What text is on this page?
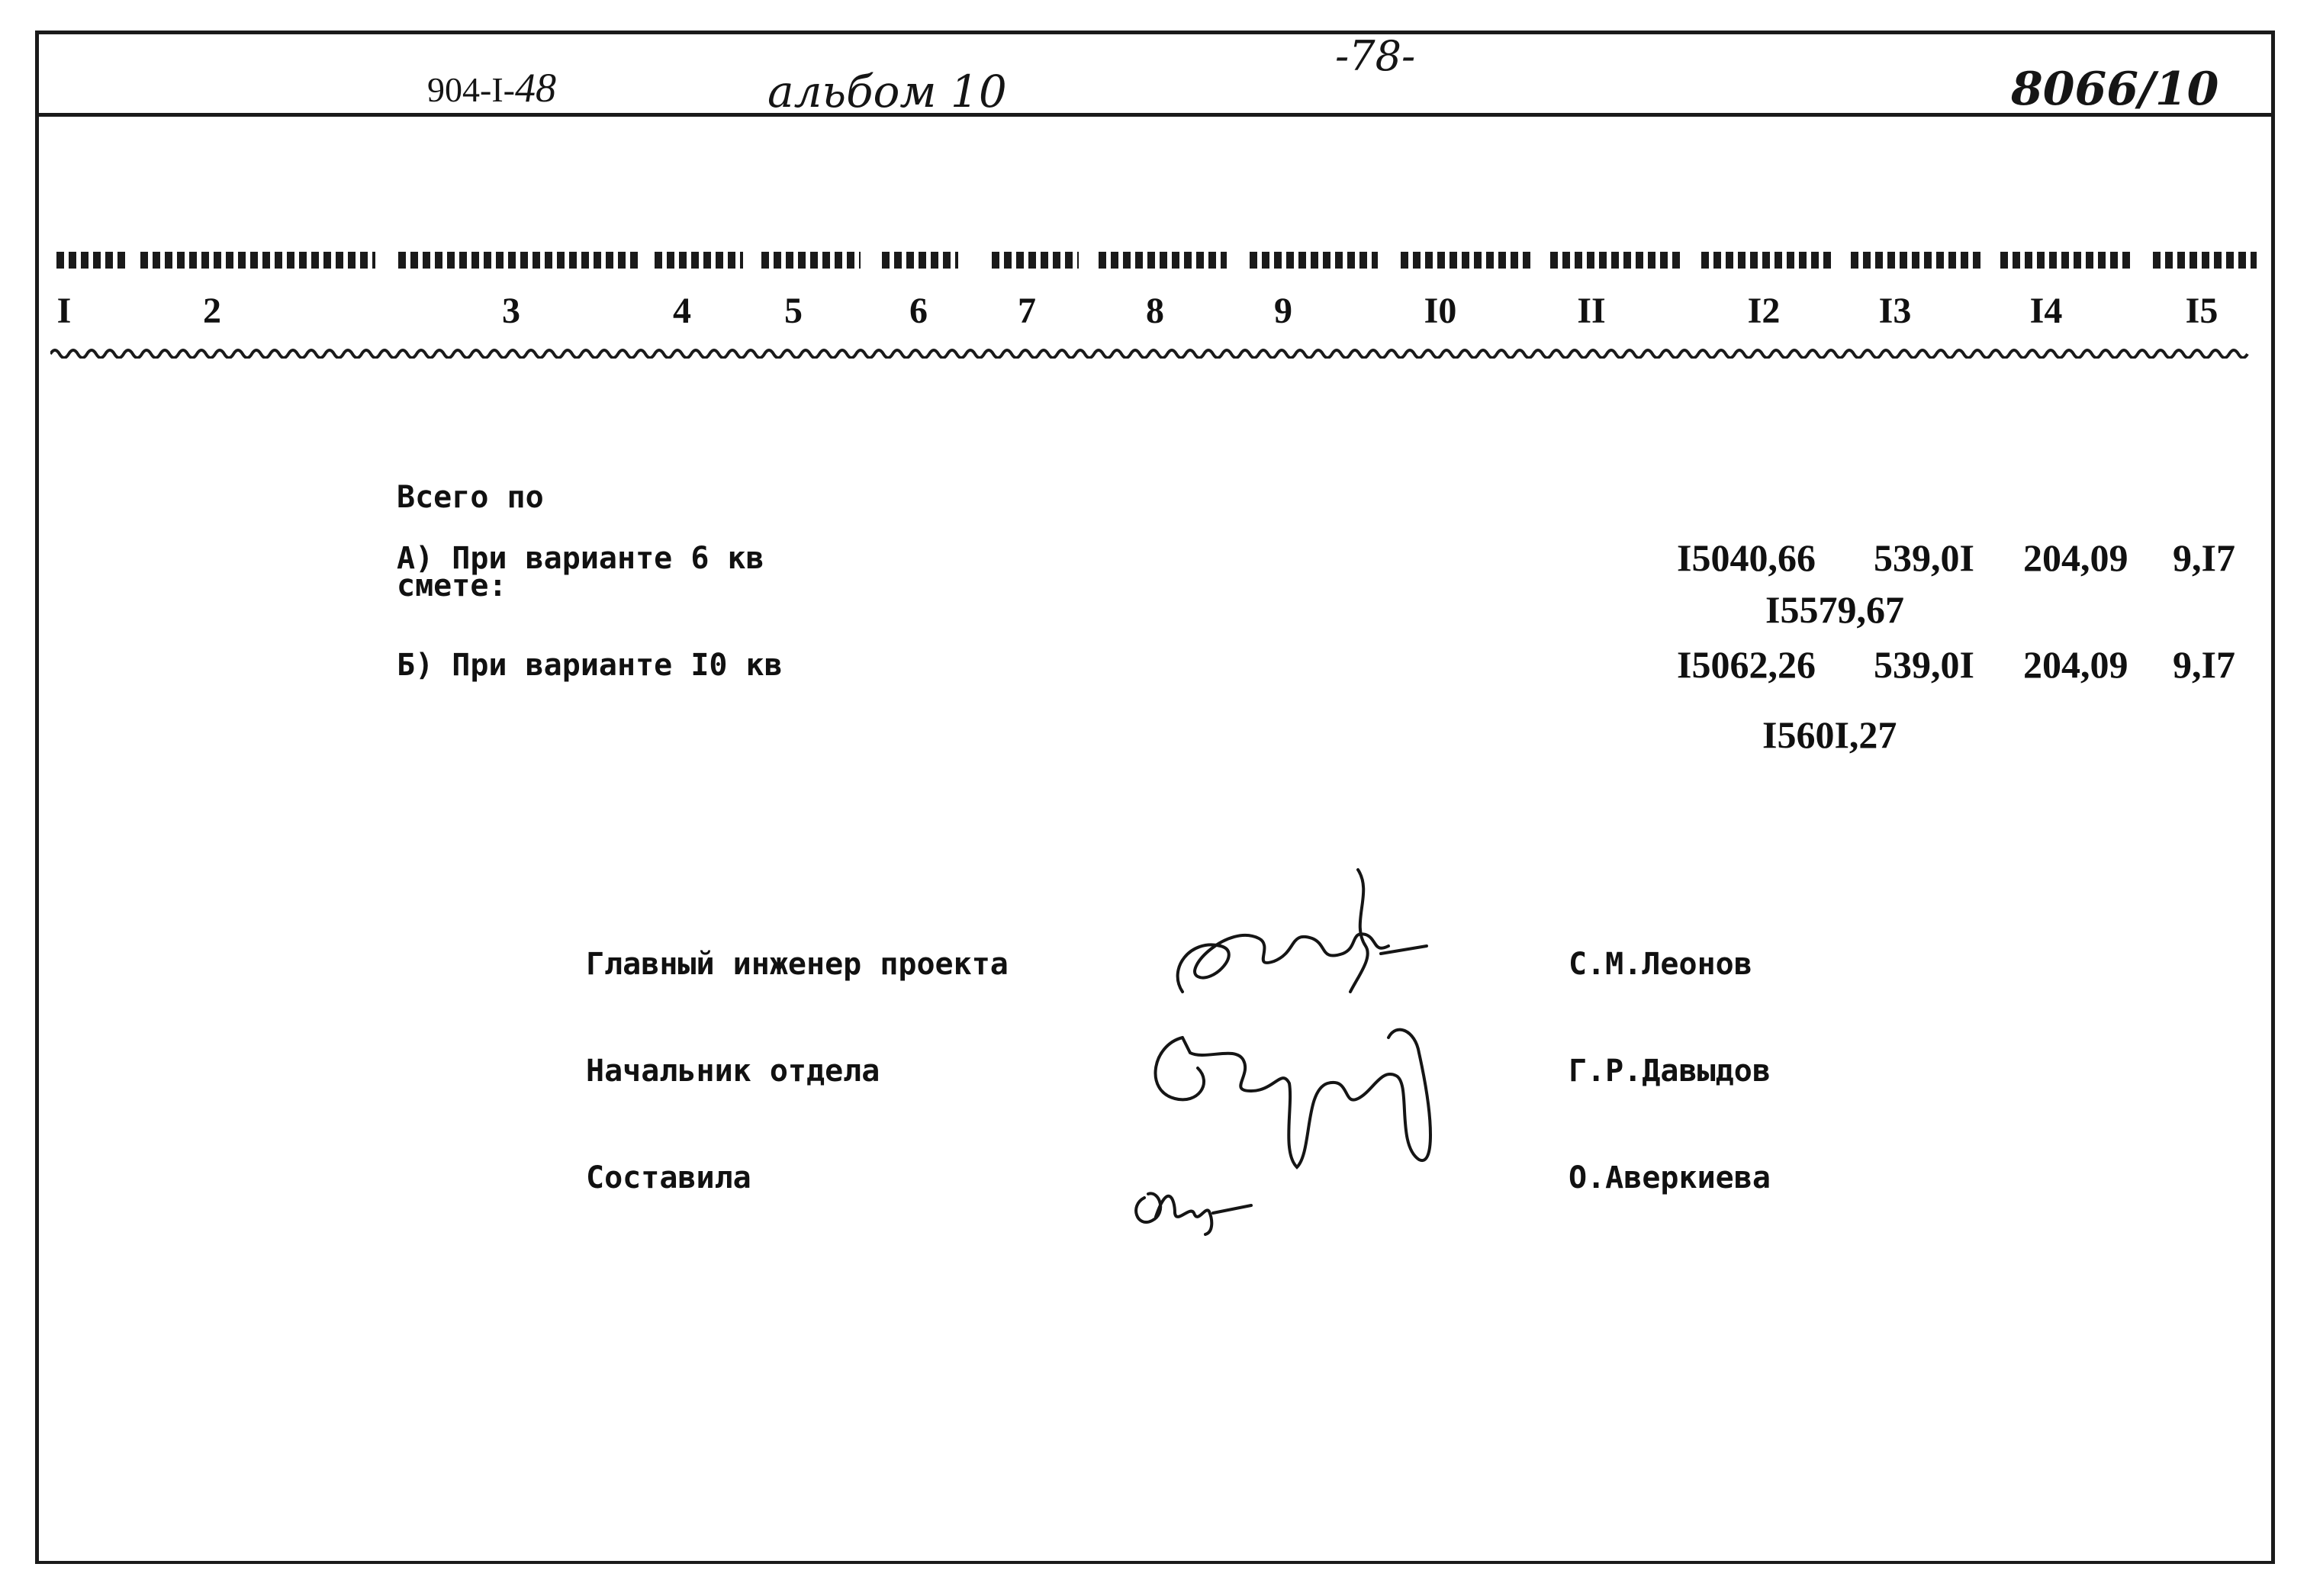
904-I-48	альбом 10
-78-
8066/10
I	2	3	4	5	6	7	8	9	I0	II	I2	I3	I4	I5

Всего по

смете:

А) При варианте 6 кв	I5040,66 539,0I 204,09 9,I7
I5579,67
Б) При варианте I0 кв	I5062,26 539,0I 204,09 9,I7
I560I,27
Главный инженер проекта	С.М.Леонов
Начальник отдела	Г.Р.Давыдов
Составила	О.Аверкиева
